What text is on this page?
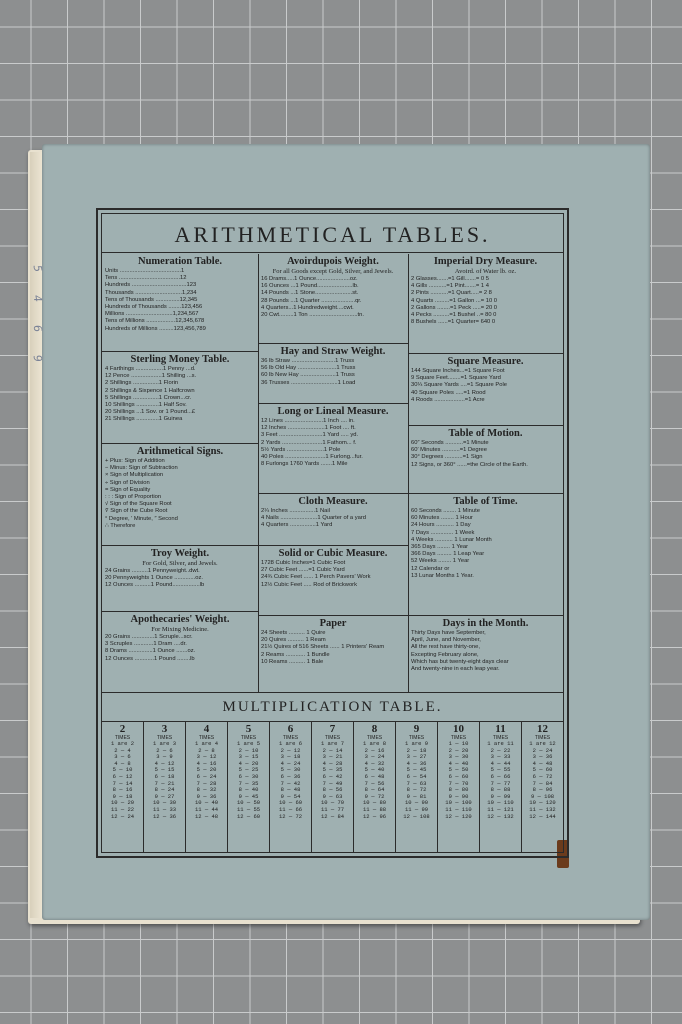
5
4
6
9
ARITHMETICAL TABLES.
Numeration Table.
Units ......................................1
Tens ......................................12
Hundreds ..................................123
Thousands .............................1,234
Tens of Thousands ...............12,345
Hundreds of Thousands ........123,456
Millions .............................1,234,567
Tens of Millions ..................12,345,678
Hundreds of Millions .........123,456,789
Sterling Money Table.
4 Farthings .................1 Penny ...d.
12 Pence ...................1 Shilling ...s.
2 Shillings ................1 Florin
2 Shillings & Sixpence 1 Halfcrown
5 Shillings ................1 Crown...cr.
10 Shillings ..............1 Half Sov.
20 Shillings ...1 Sov. or 1 Pound...£
21 Shillings ..............1 Guinea
Arithmetical Signs.
+ Plus: Sign of Addition
− Minus: Sign of Subtraction
× Sign of Multiplication
÷ Sign of Division
= Sign of Equality
: : : Sign of Proportion
√ Sign of the Square Root
∛ Sign of the Cube Root
° Degree, ′ Minute, ″ Second
∴ Therefore
Troy Weight.
For Gold, Silver, and Jewels.
24 Grains ..........1 Pennyweight..dwt.
20 Pennyweights 1 Ounce .............oz.
12 Ounces ..........1 Pound.................lb
Apothecaries' Weight.
For Mixing Medicine.
20 Grains ..............1 Scruple...scr.
3 Scruples ............1 Dram ....dr.
8 Drams ...............1 Ounce .......oz.
12 Ounces ............1 Pound ........lb
Avoirdupois Weight.
For all Goods except Gold, Silver, and Jewels.
16 Drams.....1 Ounce.....................oz.
16 Ounces ...1 Pound......................lb.
14 Pounds ...1 Stone.......................st.
28 Pounds ...1 Quarter .....................qr.
4 Quarters...1 Hundredweight....cwt.
20 Cwt.........1 Ton ..............................tn.
Hay and Straw Weight.
36 lb Straw ...........................1 Truss
56 lb Old Hay ........................1 Truss
60 lb New Hay ......................1 Truss
36 Trusses .............................1 Load
Long or Lineal Measure.
12 Lines ........................1 Inch .... in.
12 Inches .......................1 Foot .... ft.
3 Feet ...........................1 Yard ..... yd.
2 Yards .........................1 Fathom... f.
5½ Yards .......................1 Pole
40 Poles .........................1 Furlong...fur.
8 Furlongs 1760 Yards .......1 Mile
Cloth Measure.
2¼ Inches ................1 Nail
4 Nails .......................1 Quarter of a yard
4 Quarters ................1 Yard
Solid or Cubic Measure.
1728 Cubic Inches=1 Cubic Foot
27 Cubic Feet ......=1 Cubic Yard
24¾ Cubic Feet ...... 1 Perch Pavers' Work
12½ Cubic Feet ..... Rod of Brickwork
Paper
24 Sheets .......... 1 Quire
20 Quires .......... 1 Ream
21½ Quires of 516 Sheets ...... 1 Printers' Ream
2 Reams ............ 1 Bundle
10 Reams .......... 1 Bale
Imperial Dry Measure.
Avoird. of Water lb. oz.
2 Glasses.......=1 Gill.......= 0 5
4 Gills ...........=1 Pint.......= 1 4
2 Pints ...........=1 Quart.....= 2 8
4 Quarts .........=1 Gallon ...= 10 0
2 Gallons ........=1 Peck .....= 20 0
4 Pecks ..........=1 Bushel ..= 80 0
8 Bushels ......=1 Quarter= 640 0
Square Measure.
144 Square Inches...=1 Square Foot
9 Square Feet........=1 Square Yard
30¼ Square Yards ....=1 Square Pole
40 Square Poles .....=1 Rood
4 Roods ...................=1 Acre
Table of Motion.
60″ Seconds ...........=1 Minute
60′ Minutes ...........=1 Degree
30° Degrees ...........=1 Sign
12 Signs, or 360° ......=the Circle of the Earth.
Table of Time.
60 Seconds ........ 1 Minute
60 Minutes ........ 1 Hour
24 Hours ........... 1 Day
7 Days .............. 1 Week
4 Weeks ........... 1 Lunar Month
365 Days ........ 1 Year
366 Days ......... 1 Leap Year
52 Weeks ........ 1 Year
12 Calendar or
13 Lunar Months 1 Year.
Days in the Month.
Thirty Days have September,
April, June, and November,
All the rest have thirty-one,
Excepting February alone,
Which has but twenty-eight days clear
And twenty-nine in each leap year.
MULTIPLICATION TABLE.
2
TIMES
1 are 2
2 — 4
3 — 6
4 — 8
5 — 10
6 — 12
7 — 14
8 — 16
9 — 18
10 — 20
11 — 22
12 — 24
3
TIMES
1 are 3
2 — 6
3 — 9
4 — 12
5 — 15
6 — 18
7 — 21
8 — 24
9 — 27
10 — 30
11 — 33
12 — 36
4
TIMES
1 are 4
2 — 8
3 — 12
4 — 16
5 — 20
6 — 24
7 — 28
8 — 32
9 — 36
10 — 40
11 — 44
12 — 48
5
TIMES
1 are 5
2 — 10
3 — 15
4 — 20
5 — 25
6 — 30
7 — 35
8 — 40
9 — 45
10 — 50
11 — 55
12 — 60
6
TIMES
1 are 6
2 — 12
3 — 18
4 — 24
5 — 30
6 — 36
7 — 42
8 — 48
9 — 54
10 — 60
11 — 66
12 — 72
7
TIMES
1 are 7
2 — 14
3 — 21
4 — 28
5 — 35
6 — 42
7 — 49
8 — 56
9 — 63
10 — 70
11 — 77
12 — 84
8
TIMES
1 are 8
2 — 16
3 — 24
4 — 32
5 — 40
6 — 48
7 — 56
8 — 64
9 — 72
10 — 80
11 — 88
12 — 96
9
TIMES
1 are 9
2 — 18
3 — 27
4 — 36
5 — 45
6 — 54
7 — 63
8 — 72
9 — 81
10 — 90
11 — 99
12 — 108
10
TIMES
1 — 10
2 — 20
3 — 30
4 — 40
5 — 50
6 — 60
7 — 70
8 — 80
9 — 90
10 — 100
11 — 110
12 — 120
11
TIMES
1 are 11
2 — 22
3 — 33
4 — 44
5 — 55
6 — 66
7 — 77
8 — 88
9 — 99
10 — 110
11 — 121
12 — 132
12
TIMES
1 are 12
2 — 24
3 — 36
4 — 48
5 — 60
6 — 72
7 — 84
8 — 96
9 — 108
10 — 120
11 — 132
12 — 144
